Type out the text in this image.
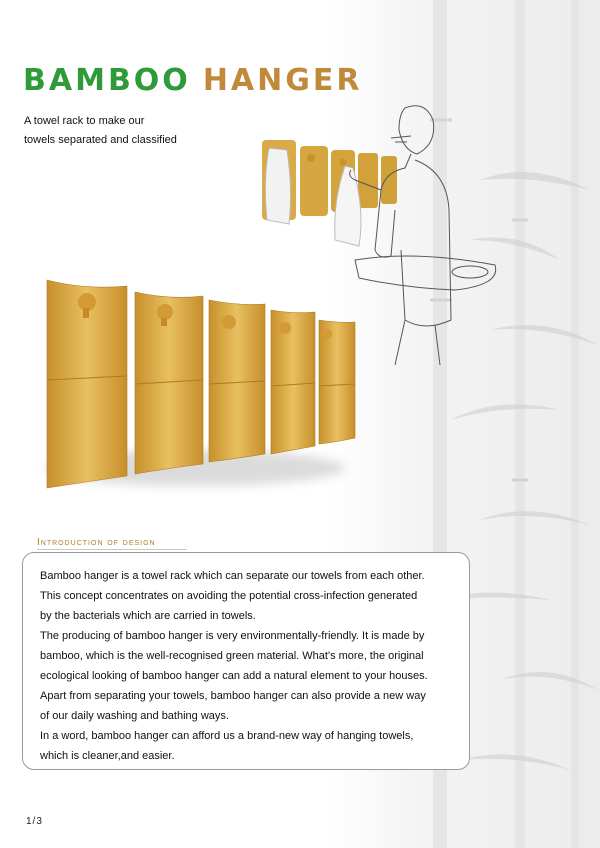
BAMBOO HANGER
A towel rack to make our
towels separated and classified
Introduction of design
Bamboo hanger is a towel rack which can separate our towels from each other.
This concept concentrates on avoiding the potential cross-infection generated
by the bacterials which are carried in towels.
The producing of bamboo hanger is very environmentally-friendly. It is made by
bamboo, which is the well-recognised green material. What's more, the original
ecological looking of bamboo hanger can add a natural element to your houses.
Apart from separating your towels, bamboo hanger can also provide a new way
of our daily washing and bathing ways.
In a word, bamboo hanger can afford us a brand-new way of hanging towels,
which is cleaner,and easier.
1/3
